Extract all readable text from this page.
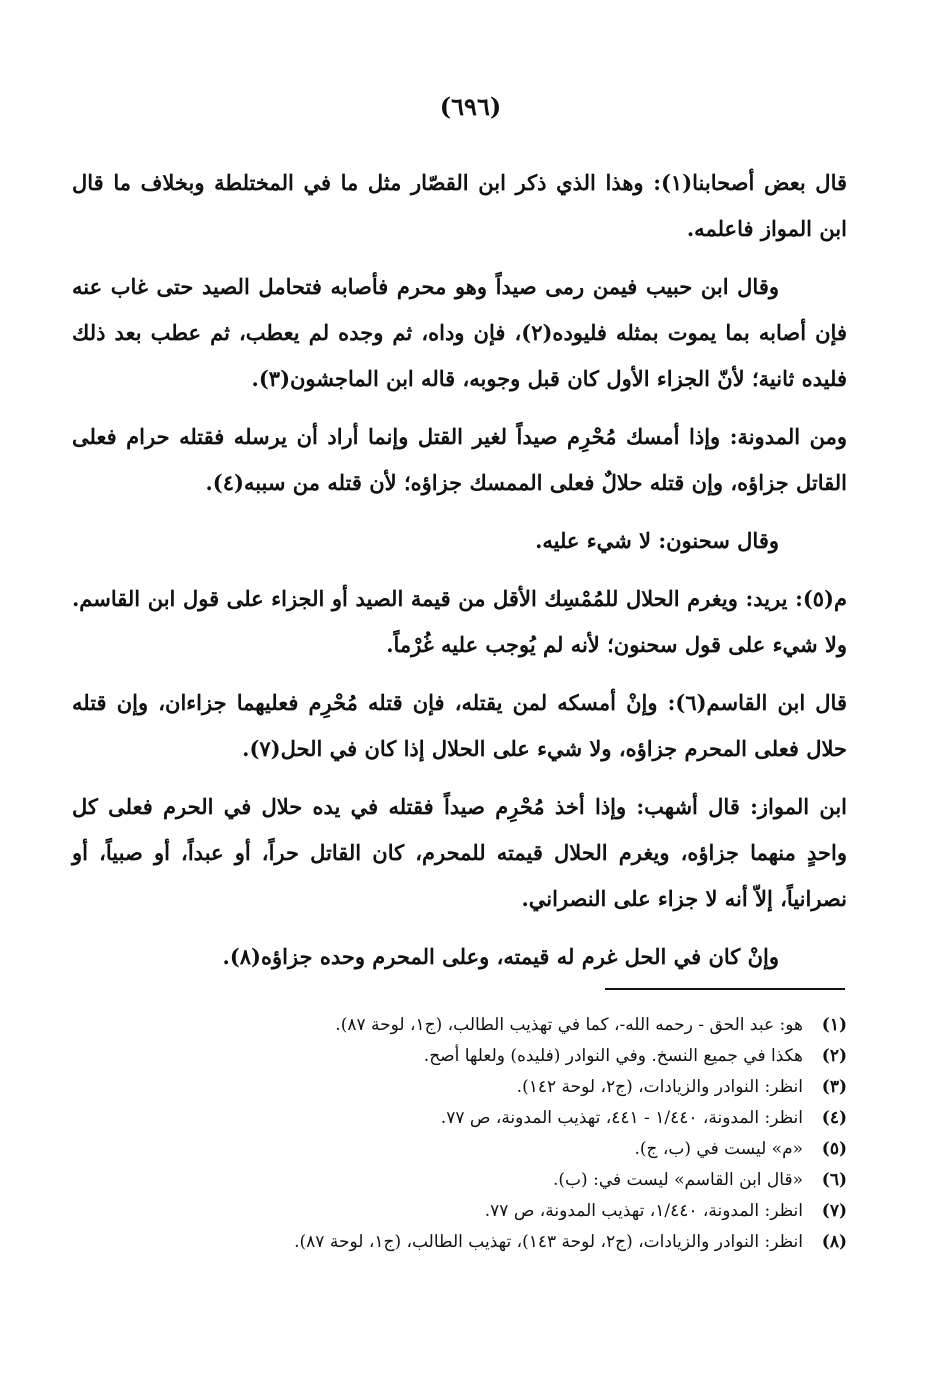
(٦٩٦)

قال بعض أصحابنا(١): وهذا الذي ذكر ابن القصّار مثل ما في المختلطة وبخلاف ما قال ابن المواز فاعلمه.

وقال ابن حبيب فيمن رمى صيداً وهو محرم فأصابه فتحامل الصيد حتى غاب عنه فإن أصابه بما يموت بمثله فليوده(٢)، فإن وداه، ثم وجده لم يعطب، ثم عطب بعد ذلك فليده ثانية؛ لأنّ الجزاء الأول كان قبل وجوبه، قاله ابن الماجشون(٣).

ومن المدونة: وإذا أمسك مُحْرِم صيداً لغير القتل وإنما أراد أن يرسله فقتله حرام فعلى القاتل جزاؤه، وإن قتله حلالٌ فعلى الممسك جزاؤه؛ لأن قتله من سببه(٤).

وقال سحنون: لا شيء عليه.

م(٥): يريد: ويغرم الحلال للمُمْسِك الأقل من قيمة الصيد أو الجزاء على قول ابن القاسم. ولا شيء على قول سحنون؛ لأنه لم يُوجب عليه غُرْماً.

قال ابن القاسم(٦): وإنْ أمسكه لمن يقتله، فإن قتله مُحْرِم فعليهما جزاءان، وإن قتله حلال فعلى المحرم جزاؤه، ولا شيء على الحلال إذا كان في الحل(٧).

ابن المواز: قال أشهب: وإذا أخذ مُحْرِم صيداً فقتله في يده حلال في الحرم فعلى كل واحدٍ منهما جزاؤه، ويغرم الحلال قيمته للمحرم، كان القاتل حراً، أو عبداً، أو صبياً، أو نصرانياً، إلاّ أنه لا جزاء على النصراني.

وإنْ كان في الحل غرم له قيمته، وعلى المحرم وحده جزاؤه(٨).

(١)
هو: عبد الحق - رحمه الله-، كما في تهذيب الطالب، (ج١، لوحة ٨٧).
(٢)
هكذا في جميع النسخ. وفي النوادر (فليده) ولعلها أصح.
(٣)
انظر: النوادر والزيادات، (ج٢، لوحة ١٤٢).
(٤)
انظر: المدونة، ١/٤٤٠ - ٤٤١، تهذيب المدونة، ص ٧٧.
(٥)
«م» ليست في (ب، ج).
(٦)
«قال ابن القاسم» ليست في: (ب).
(٧)
انظر: المدونة، ١/٤٤٠، تهذيب المدونة، ص ٧٧.
(٨)
انظر: النوادر والزيادات، (ج٢، لوحة ١٤٣)، تهذيب الطالب، (ج١، لوحة ٨٧).
